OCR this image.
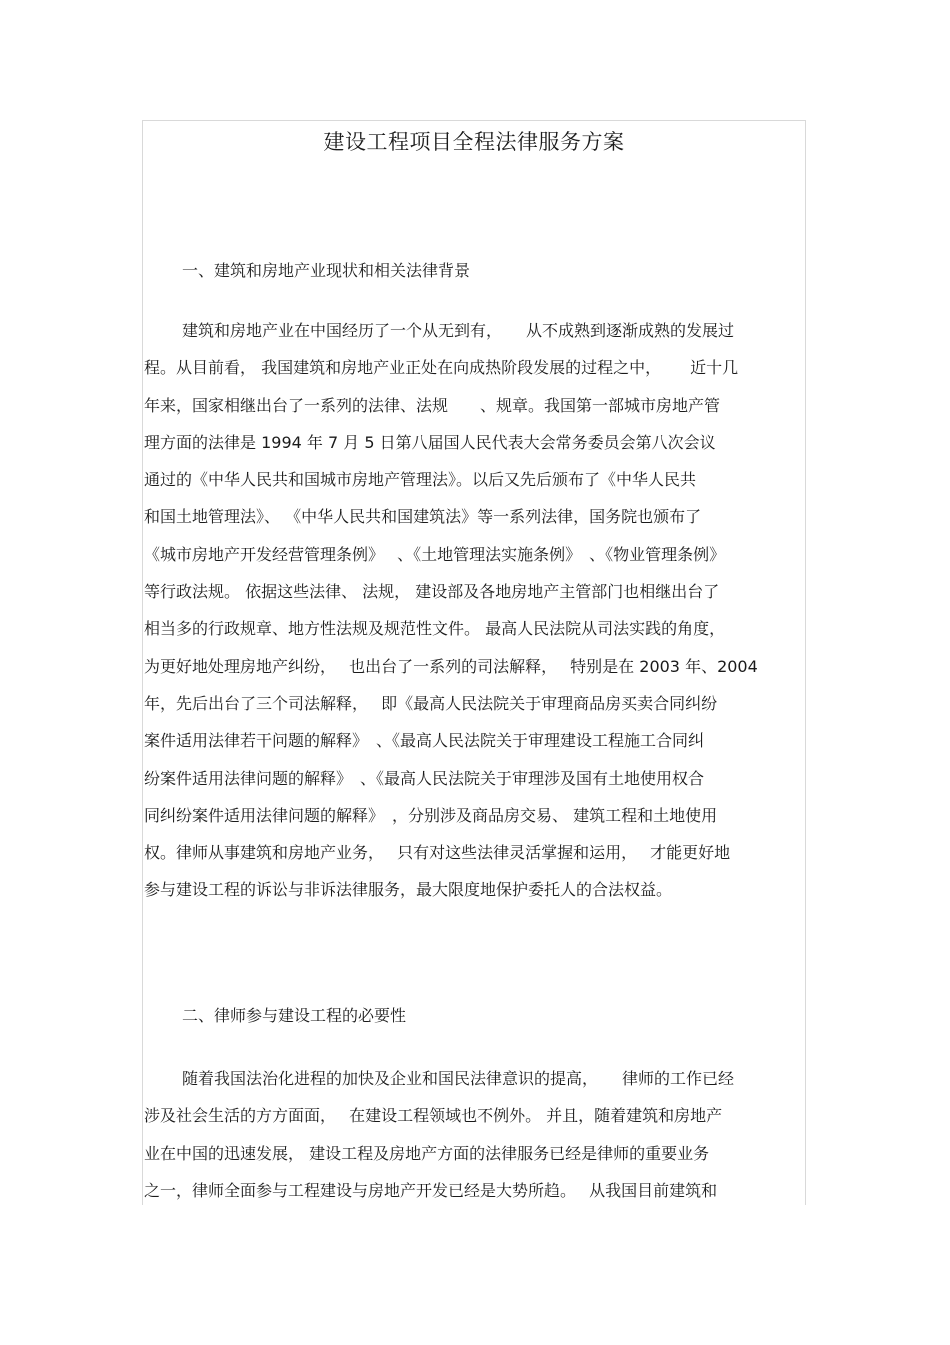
建设工程项目全程法律服务方案
一、建筑和房地产业现状和相关法律背景
建筑和房地产业在中国经历了一个从无到有，　　从不成熟到逐渐成熟的发展过
程。从目前看， 我国建筑和房地产业正处在向成热阶段发展的过程之中，　　 近十几
年来，国家相继出台了一系列的法律、法规　　、规章。我国第一部城市房地产管
理方面的法律是 1994 年 7 月 5 日第八届国人民代表大会常务委员会第八次会议
通过的《中华人民共和国城市房地产管理法》。以后又先后颁布了《中华人民共
和国土地管理法》、 《中华人民共和国建筑法》等一系列法律，国务院也颁布了
《城市房地产开发经营管理条例》　 、《土地管理法实施条例》　、《物业管理条例》
等行政法规。 依据这些法律、 法规， 建设部及各地房地产主管部门也相继出台了
相当多的行政规章、地方性法规及规范性文件。 最高人民法院从司法实践的角度，
为更好地处理房地产纠纷，　 也出台了一系列的司法解释，　 特别是在 2003 年、2004
年，先后出台了三个司法解释，　 即《最高人民法院关于审理商品房买卖合同纠纷
案件适用法律若干问题的解释》　、《最高人民法院关于审理建设工程施工合同纠
纷案件适用法律问题的解释》　、《最高人民法院关于审理涉及国有土地使用权合
同纠纷案件适用法律问题的解释》　，分别涉及商品房交易、 建筑工程和土地使用
权。律师从事建筑和房地产业务，　 只有对这些法律灵活掌握和运用，　 才能更好地
参与建设工程的诉讼与非诉法律服务，最大限度地保护委托人的合法权益。
二、律师参与建设工程的必要性
随着我国法治化进程的加快及企业和国民法律意识的提高，　　律师的工作已经
涉及社会生活的方方面面，　 在建设工程领域也不例外。 并且，随着建筑和房地产
业在中国的迅速发展， 建设工程及房地产方面的法律服务已经是律师的重要业务
之一，律师全面参与工程建设与房地产开发已经是大势所趋。　 从我国目前建筑和
